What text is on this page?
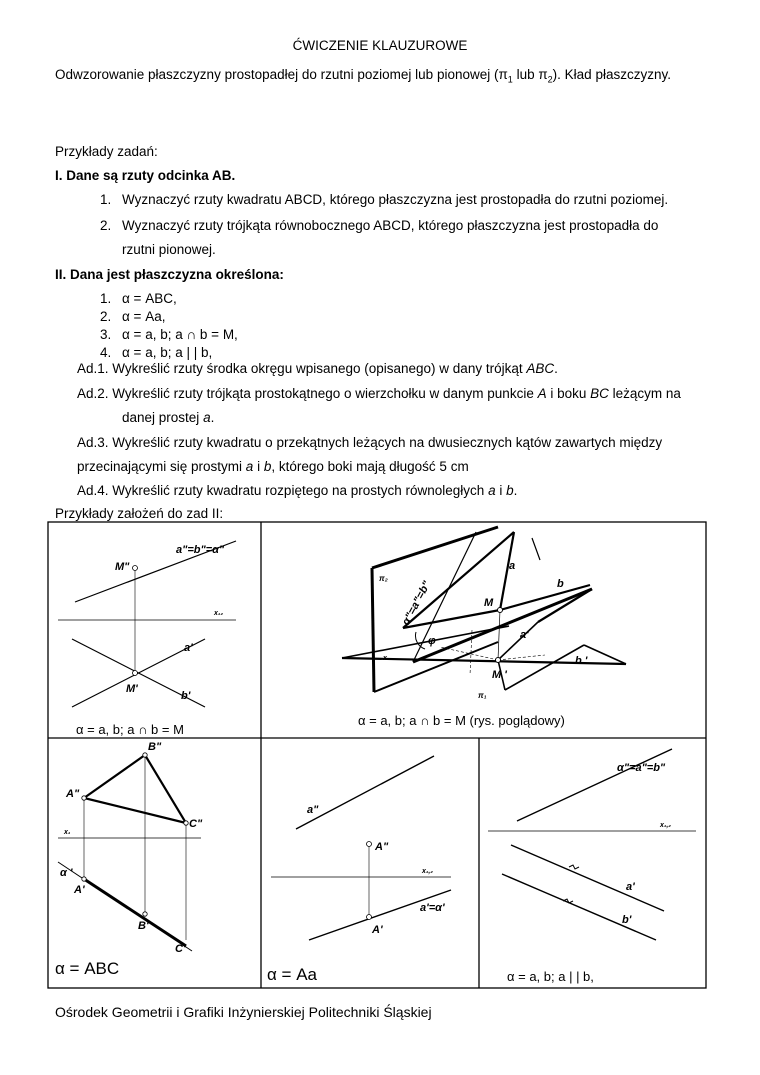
ĆWICZENIE KLAUZUROWE
Odwzorowanie płaszczyzny prostopadłej do rzutni poziomej lub pionowej ($\pi_1$ lub $\pi_2$). Kład płaszczyzny.
Przykłady zadań:
I. Dane są rzuty odcinka AB.
1. Wyznaczyć rzuty kwadratu ABCD, którego płaszczyzna jest prostopadła do rzutni poziomej.
2. Wyznaczyć rzuty trójkąta równobocznego ABCD, którego płaszczyzna jest prostopadła do
rzutni pionowej.
II. Dana jest płaszczyzna określona:
1. α = ABC,
2. α = Aa,
3. α = a, b; a ∩ b = M,
4. α = a, b; a | | b,
Ad.1. Wykreślić rzuty środka okręgu wpisanego (opisanego) w dany trójkąt ABC.
Ad.2. Wykreślić rzuty trójkąta prostokątnego o wierzchołku w danym punkcie A i boku BC leżącym na
danej prostej a.
Ad.3. Wykreślić rzuty kwadratu o przekątnych leżących na dwusiecznych kątów zawartych między
przecinającymi się prostymi a i b, którego boki mają długość 5 cm
Ad.4. Wykreślić rzuty kwadratu rozpiętego na prostych równoległych a i b.
Przykłady założeń do zad II:
a"=b"=α"
M"
x₁₂
a'
M'
b'
α = a, b; a ∩ b = M
π₂
π₁
x₁₂
α"=a"=b"
a
b
M
φ	a'
b '
M '
α = a, b; a ∩ b = M (rys. poglądowy)
B"
A"
C"
x₁
α '
A'
B'
C'
α = ABC
a"
A"
x₁,₂
a'=α'
A'
α = Aa
α"=a"=b"
x₁,₂
a'
b'
α = a, b; a | | b,
Ośrodek Geometrii i Grafiki Inżynierskiej Politechniki Śląskiej
